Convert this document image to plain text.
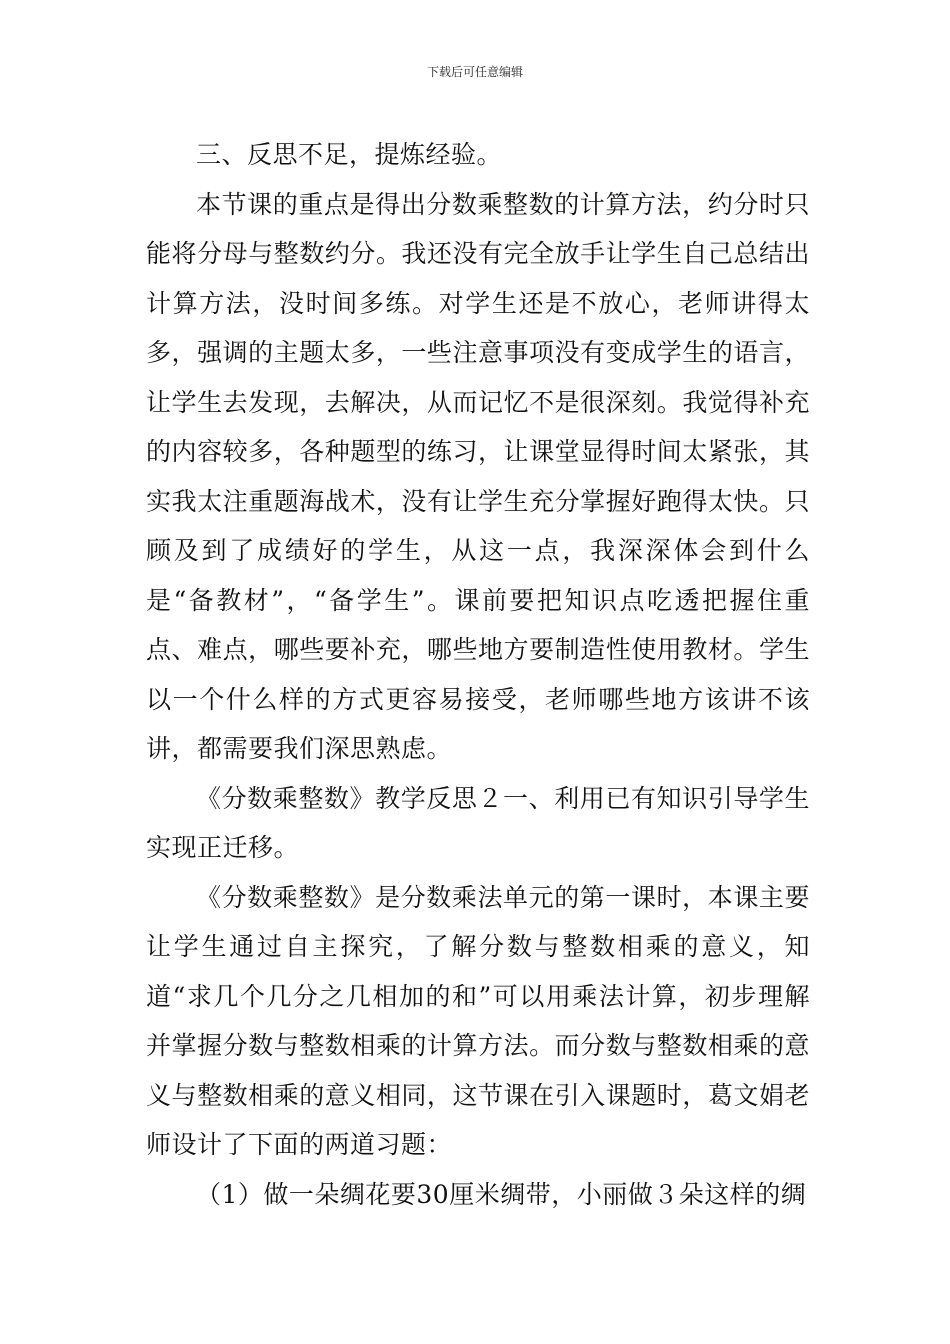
下载后可任意编辑

三、反思不足，提炼经验。

本节课的重点是得出分数乘整数的计算方法，约分时只能将分母与整数约分。我还没有完全放手让学生自己总结出计算方法，没时间多练。对学生还是不放心，老师讲得太多，强调的主题太多，一些注意事项没有变成学生的语言，让学生去发现，去解决，从而记忆不是很深刻。我觉得补充的内容较多，各种题型的练习，让课堂显得时间太紧张，其实我太注重题海战术，没有让学生充分掌握好跑得太快。只顾及到了成绩好的学生，从这一点，我深深体会到什么是“备教材”，“备学生”。课前要把知识点吃透把握住重点、难点，哪些要补充，哪些地方要制造性使用教材。学生以一个什么样的方式更容易接受，老师哪些地方该讲不该讲，都需要我们深思熟虑。

《分数乘整数》教学反思２一、利用已有知识引导学生实现正迁移。

《分数乘整数》是分数乘法单元的第一课时，本课主要让学生通过自主探究，了解分数与整数相乘的意义，知道“求几个几分之几相加的和”可以用乘法计算，初步理解并掌握分数与整数相乘的计算方法。而分数与整数相乘的意义与整数相乘的意义相同，这节课在引入课题时，葛文娟老师设计了下面的两道习题：

（1）做一朵绸花要30厘米绸带，小丽做３朵这样的绸
